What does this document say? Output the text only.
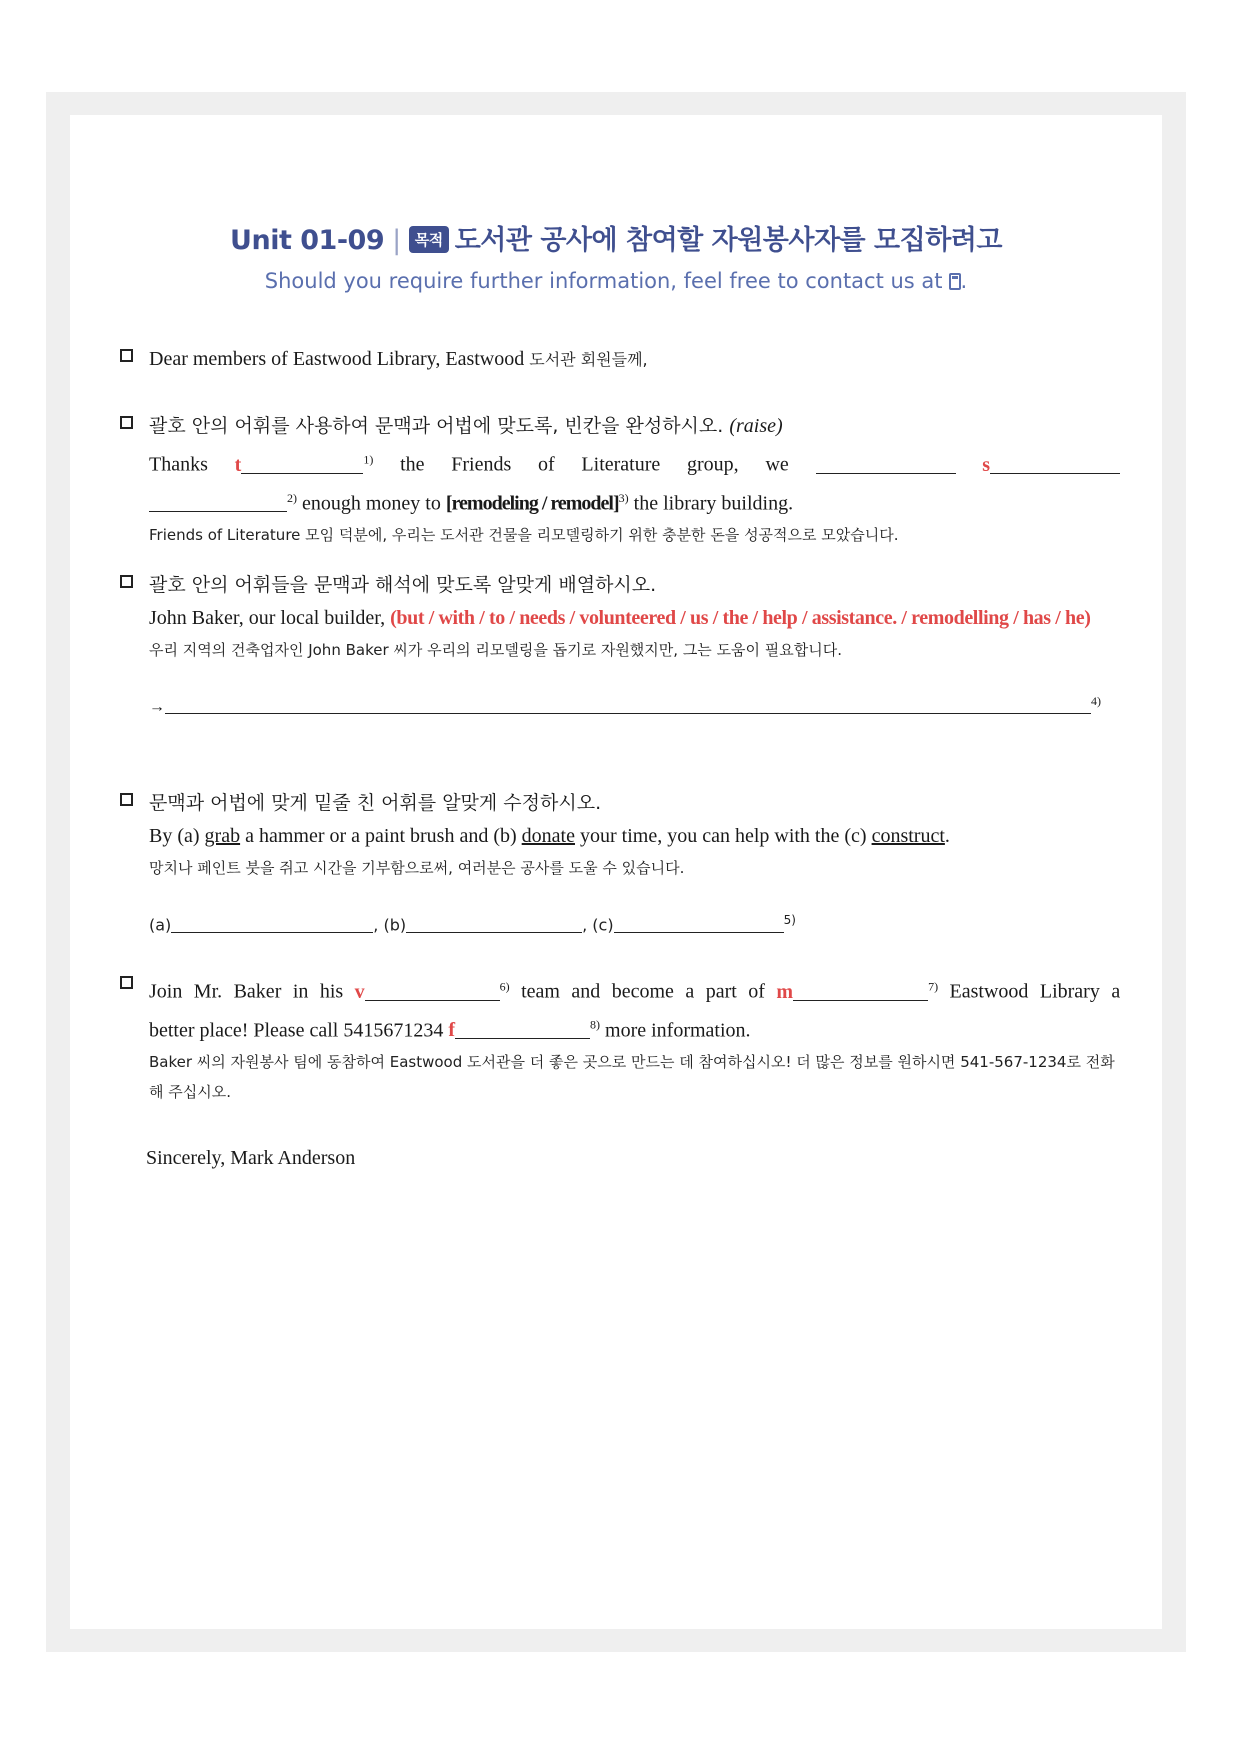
Unit 01-09 | 목적 도서관 공사에 참여할 자원봉사자를 모집하려고
Should you require further information, feel free to contact us at .
Dear members of Eastwood Library, Eastwood 도서관 회원들께,
괄호 안의 어휘를 사용하여 문맥과 어법에 맞도록, 빈칸을 완성하시오. (raise)
Thanks t	$^{1)}$ the Friends of Literature group, we	s
$^{2)}$ enough money to [remodeling / remodel]$^{3)}$ the library building.
Friends of Literature 모임 덕분에, 우리는 도서관 건물을 리모델링하기 위한 충분한 돈을 성공적으로 모았습니다.
괄호 안의 어휘들을 문맥과 해석에 맞도록 알맞게 배열하시오.
John Baker, our local builder, (but / with / to / needs / volunteered / us / the / help / assistance. / remodelling / has / he)
우리 지역의 건축업자인 John Baker 씨가 우리의 리모델링을 돕기로 자원했지만, 그는 도움이 필요합니다.
→	$^{4)}$
문맥과 어법에 맞게 밑줄 친 어휘를 알맞게 수정하시오.
By (a) grab a hammer or a paint brush and (b) donate your time, you can help with the (c) construct.
망치나 페인트 붓을 쥐고 시간을 기부함으로써, 여러분은 공사를 도울 수 있습니다.
(a)	, (b)	, (c)	$^{5)}$
Join Mr. Baker in his v	$^{6)}$ team and become a part of m	$^{7)}$ Eastwood Library a
better place! Please call 5415671234 f	$^{8)}$ more information.
Baker 씨의 자원봉사 팀에 동참하여 Eastwood 도서관을 더 좋은 곳으로 만드는 데 참여하십시오! 더 많은 정보를 원하시면 541-567-1234로 전화해 주십시오.
Sincerely, Mark Anderson
